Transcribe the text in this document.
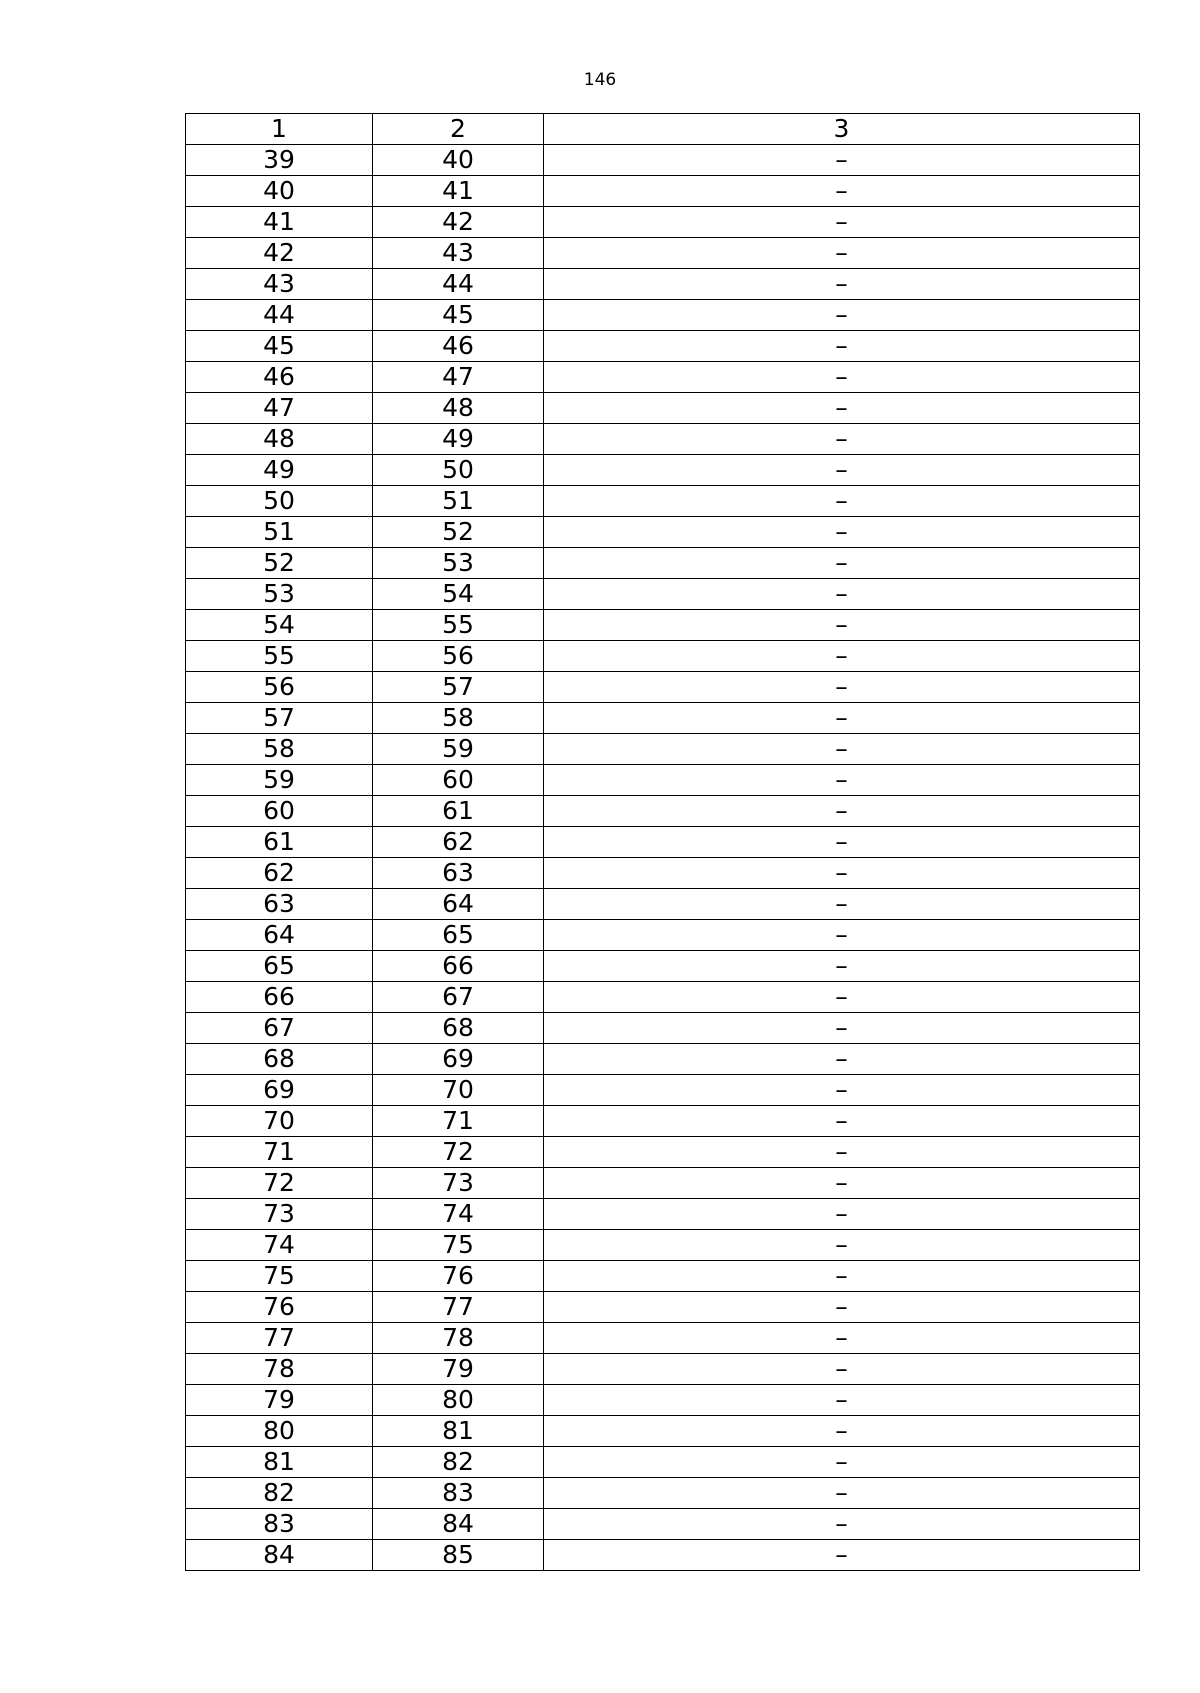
146
1	2	3
39	40	–
40	41	–
41	42	–
42	43	–
43	44	–
44	45	–
45	46	–
46	47	–
47	48	–
48	49	–
49	50	–
50	51	–
51	52	–
52	53	–
53	54	–
54	55	–
55	56	–
56	57	–
57	58	–
58	59	–
59	60	–
60	61	–
61	62	–
62	63	–
63	64	–
64	65	–
65	66	–
66	67	–
67	68	–
68	69	–
69	70	–
70	71	–
71	72	–
72	73	–
73	74	–
74	75	–
75	76	–
76	77	–
77	78	–
78	79	–
79	80	–
80	81	–
81	82	–
82	83	–
83	84	–
84	85	–
